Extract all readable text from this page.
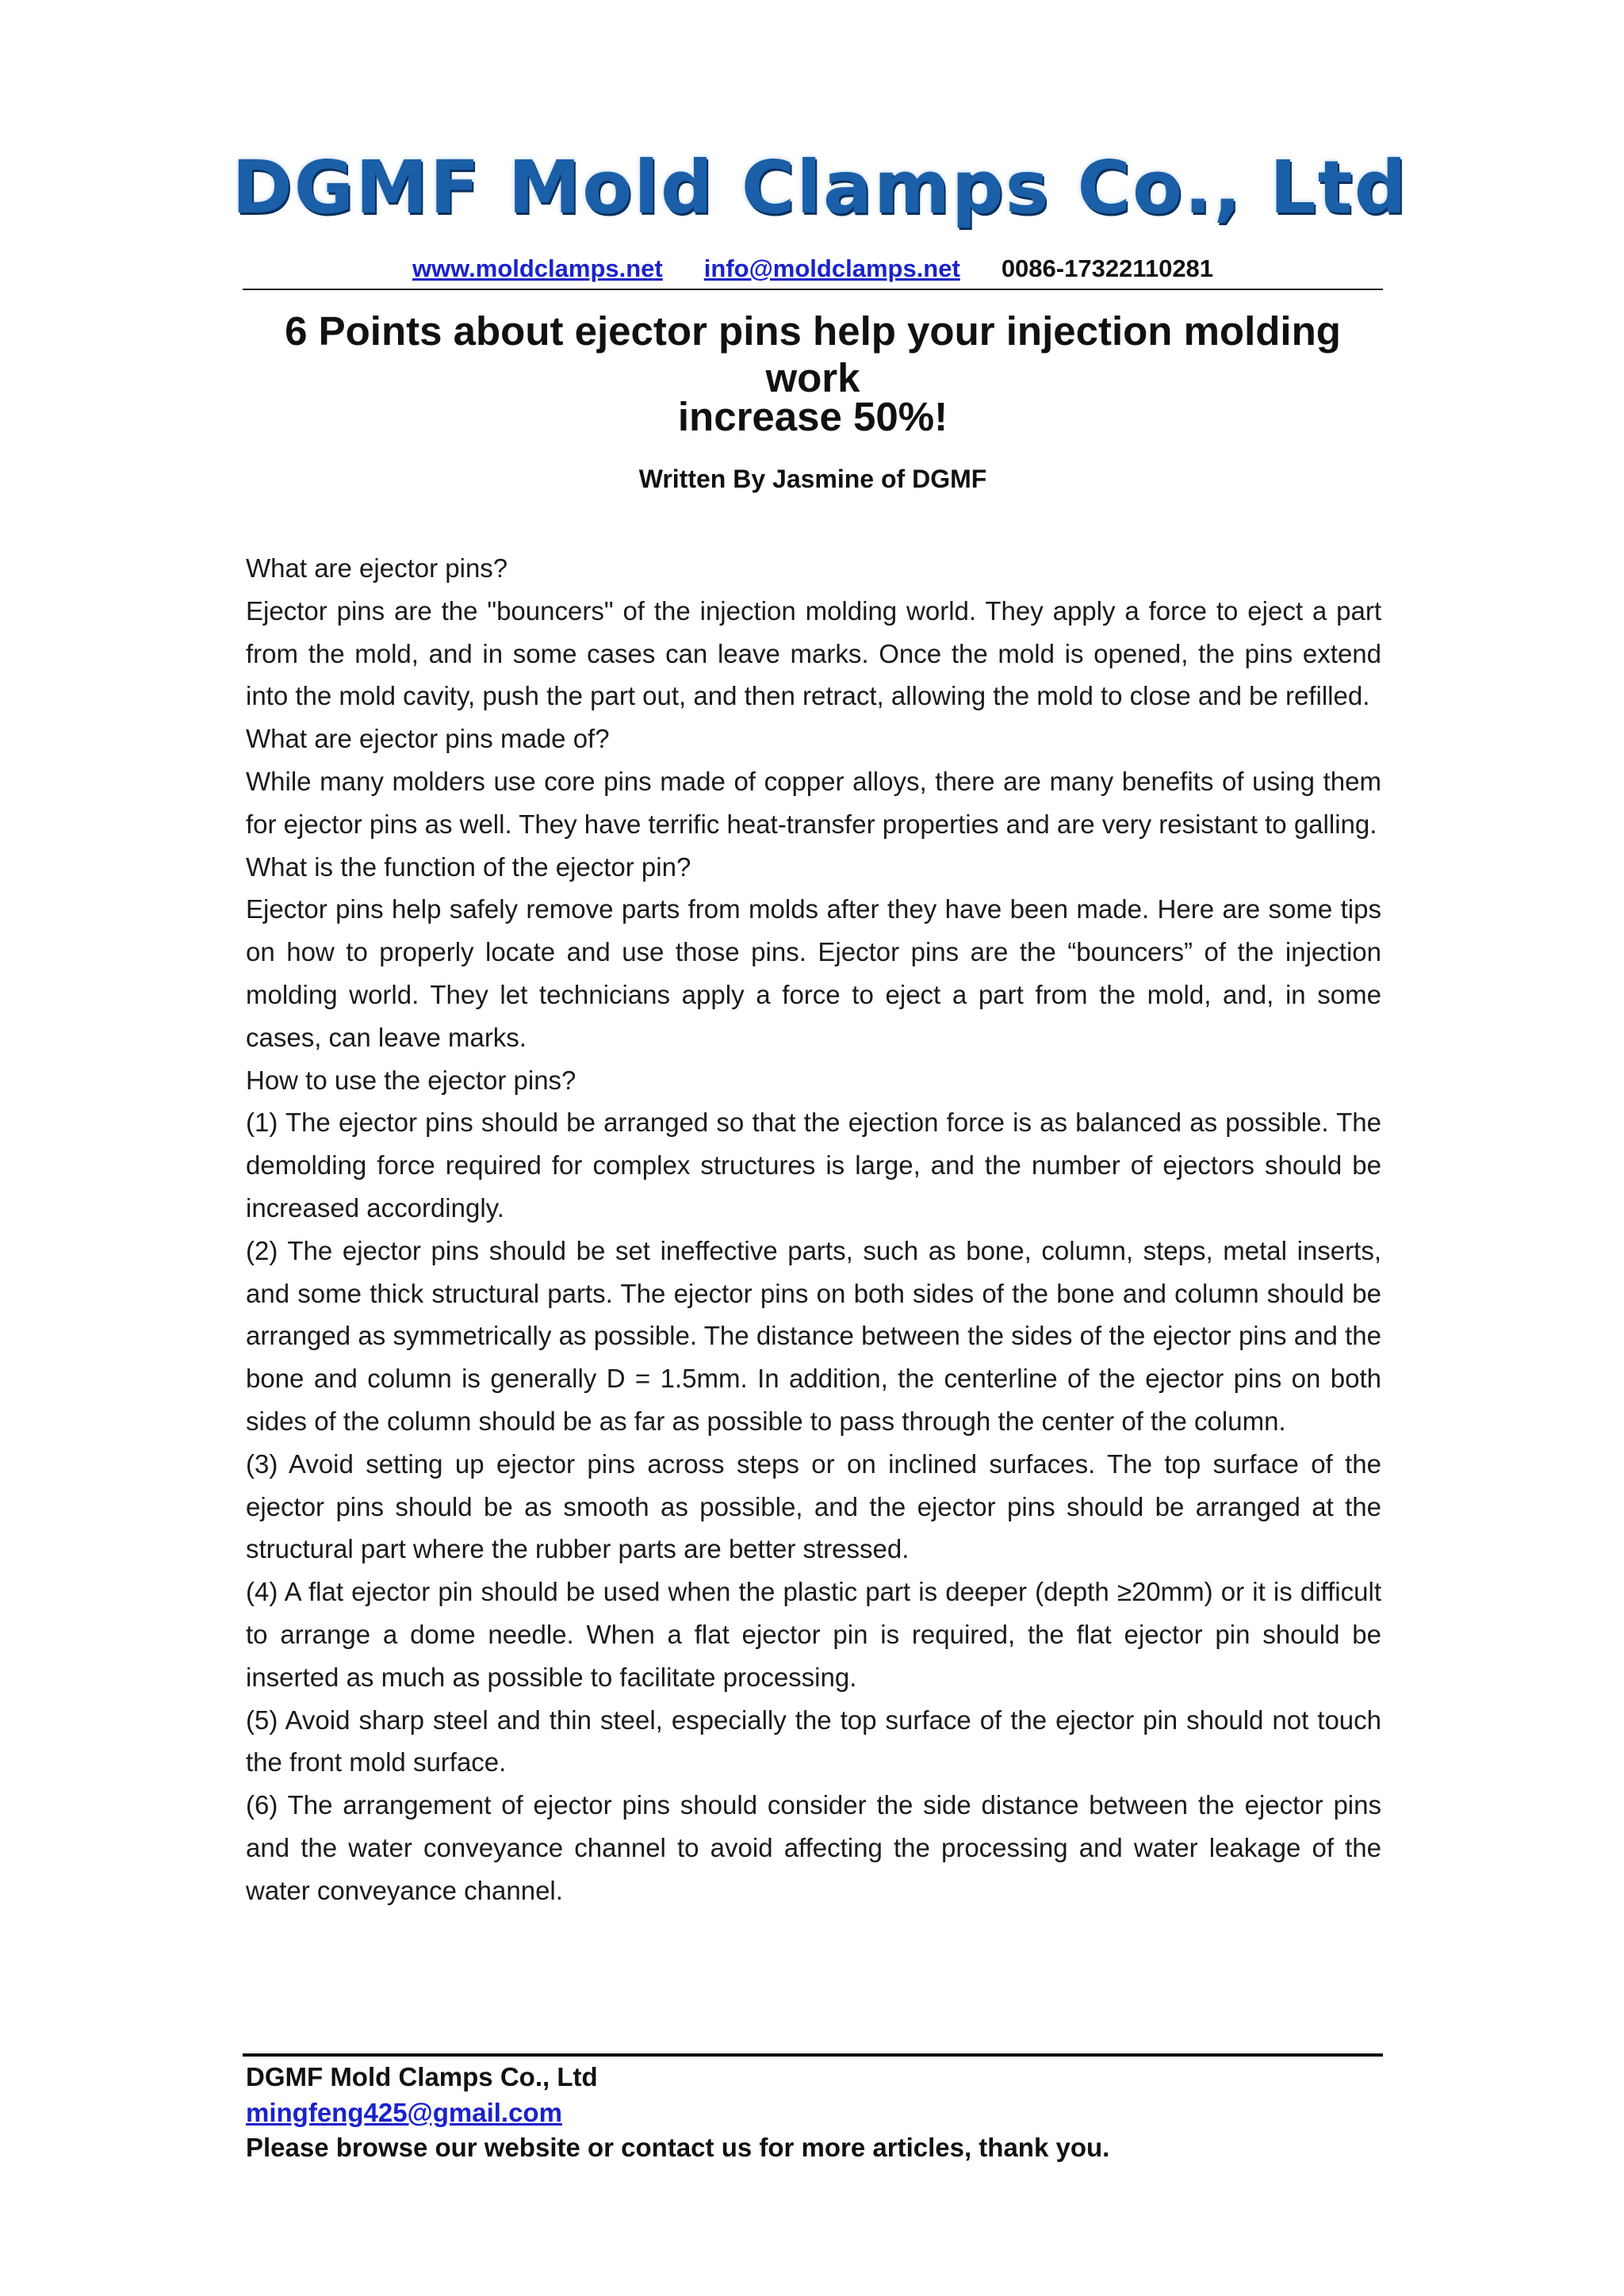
DGMF Mold Clamps Co., Ltd
www.moldclamps.net info@moldclamps.net 0086-17322110281
6 Points about ejector pins help your injection molding work
increase 50%!
Written By Jasmine of DGMF

What are ejector pins?

Ejector pins are the "bouncers" of the injection molding world. They apply a force to eject a part from the mold, and in some cases can leave marks. Once the mold is opened, the pins extend into the mold cavity, push the part out, and then retract, allowing the mold to close and be refilled.

What are ejector pins made of?

While many molders use core pins made of copper alloys, there are many benefits of using them for ejector pins as well. They have terrific heat-transfer properties and are very resistant to galling.

What is the function of the ejector pin?

Ejector pins help safely remove parts from molds after they have been made. Here are some tips on how to properly locate and use those pins. Ejector pins are the “bouncers” of the injection molding world. They let technicians apply a force to eject a part from the mold, and, in some cases, can leave marks.

How to use the ejector pins?

(1) The ejector pins should be arranged so that the ejection force is as balanced as possible. The demolding force required for complex structures is large, and the number of ejectors should be increased accordingly.

(2) The ejector pins should be set ineffective parts, such as bone, column, steps, metal inserts, and some thick structural parts. The ejector pins on both sides of the bone and column should be arranged as symmetrically as possible. The distance between the sides of the ejector pins and the bone and column is generally D = 1.5mm. In addition, the centerline of the ejector pins on both sides of the column should be as far as possible to pass through the center of the column.

(3) Avoid setting up ejector pins across steps or on inclined surfaces. The top surface of the ejector pins should be as smooth as possible, and the ejector pins should be arranged at the structural part where the rubber parts are better stressed.

(4) A flat ejector pin should be used when the plastic part is deeper (depth ≥20mm) or it is difficult to arrange a dome needle. When a flat ejector pin is required, the flat ejector pin should be inserted as much as possible to facilitate processing.

(5) Avoid sharp steel and thin steel, especially the top surface of the ejector pin should not touch the front mold surface.

(6) The arrangement of ejector pins should consider the side distance between the ejector pins and the water conveyance channel to avoid affecting the processing and water leakage of the water conveyance channel.

DGMF Mold Clamps Co., Ltd
mingfeng425@gmail.com
Please browse our website or contact us for more articles, thank you.
